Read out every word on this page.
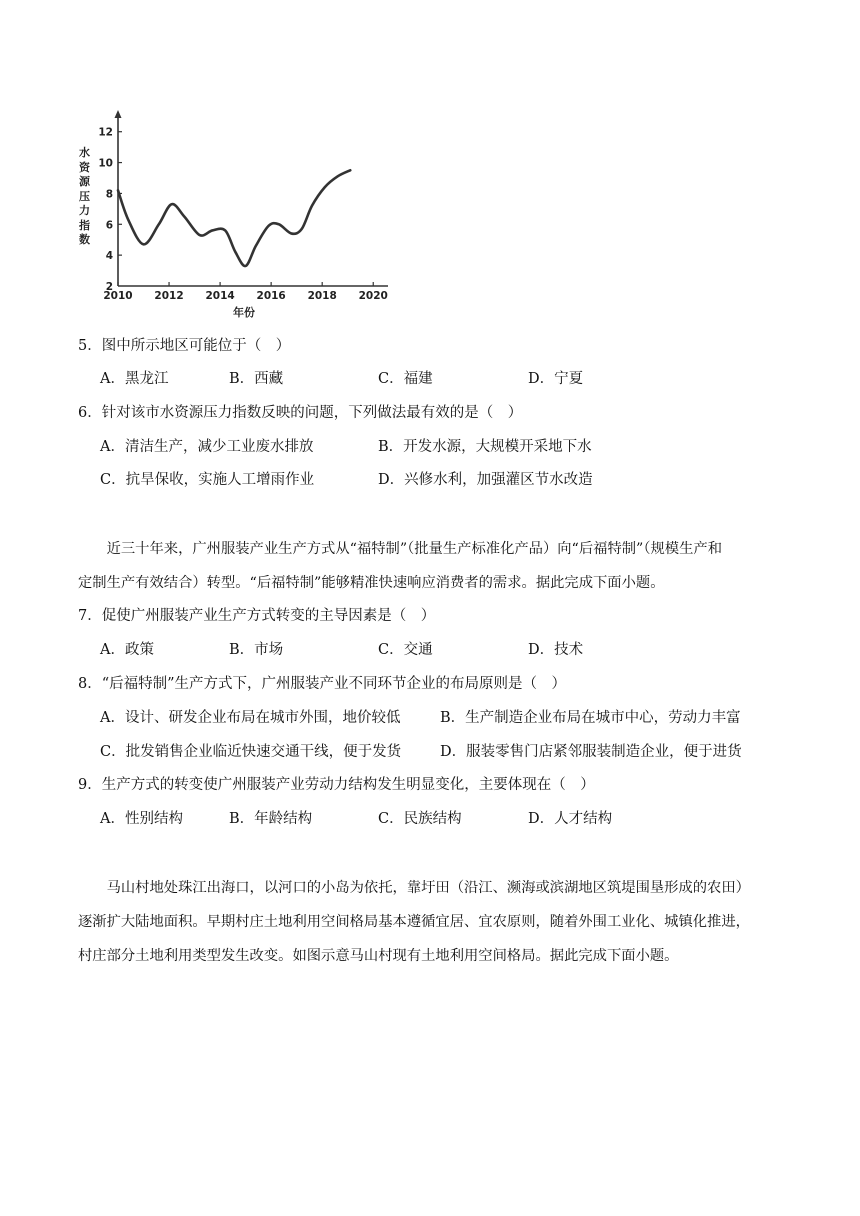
2
4
6
8
10
12
2010 2012 2014 2016 2018 2020
年份
水资源压力指数
5．图中所示地区可能位于（　）
A．黑龙江	B．西藏	C．福建	D．宁夏
6．针对该市水资源压力指数反映的问题，下列做法最有效的是（　）
A．清洁生产，减少工业废水排放	B．开发水源，大规模开采地下水
C．抗旱保收，实施人工增雨作业	D．兴修水利，加强灌区节水改造
　　近三十年来，广州服装产业生产方式从“福特制”（批量生产标准化产品）向“后福特制”（规模生产和
定制生产有效结合）转型。“后福特制”能够精准快速响应消费者的需求。据此完成下面小题。
7．促使广州服装产业生产方式转变的主导因素是（　）
A．政策	B．市场	C．交通	D．技术
8．“后福特制”生产方式下，广州服装产业不同环节企业的布局原则是（　）
A．设计、研发企业布局在城市外围，地价较低	B．生产制造企业布局在城市中心，劳动力丰富
C．批发销售企业临近快速交通干线，便于发货	D．服装零售门店紧邻服装制造企业，便于进货
9．生产方式的转变使广州服装产业劳动力结构发生明显变化，主要体现在（　）
A．性别结构	B．年龄结构	C．民族结构	D．人才结构
　　马山村地处珠江出海口，以河口的小岛为依托，靠圩田（沿江、濒海或滨湖地区筑堤围垦形成的农田）
逐渐扩大陆地面积。早期村庄土地利用空间格局基本遵循宜居、宜农原则，随着外围工业化、城镇化推进，
村庄部分土地利用类型发生改变。如图示意马山村现有土地利用空间格局。据此完成下面小题。
